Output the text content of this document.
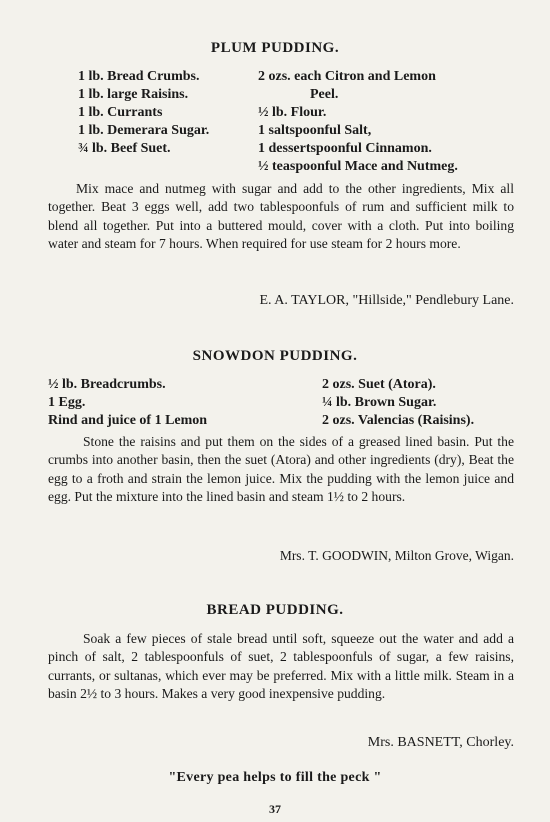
PLUM PUDDING.
1 lb. Bread Crumbs.
1 lb. large Raisins.
1 lb. Currants
1 lb. Demerara Sugar.
¾ lb. Beef Suet.
2 ozs. each Citron and Lemon
Peel.
½ lb. Flour.
1 saltspoonful Salt,
1 dessertspoonful Cinnamon.
½ teaspoonful Mace and Nutmeg.

Mix mace and nutmeg with sugar and add to the other ingredients, Mix all together. Beat 3 eggs well, add two tablespoonfuls of rum and sufficient milk to blend all together. Put into a buttered mould, cover with a cloth. Put into boiling water and steam for 7 hours. When required for use steam for 2 hours more.

E. A. TAYLOR, "Hillside," Pendlebury Lane.
SNOWDON PUDDING.
½ lb. Breadcrumbs.
1 Egg.
Rind and juice of 1 Lemon
2 ozs. Suet (Atora).
¼ lb. Brown Sugar.
2 ozs. Valencias (Raisins).

Stone the raisins and put them on the sides of a greased lined basin. Put the crumbs into another basin, then the suet (Atora) and other ingredients (dry), Beat the egg to a froth and strain the lemon juice. Mix the pudding with the lemon juice and egg. Put the mixture into the lined basin and steam 1½ to 2 hours.

Mrs. T. GOODWIN, Milton Grove, Wigan.
BREAD PUDDING.

Soak a few pieces of stale bread until soft, squeeze out the water and add a pinch of salt, 2 tablespoonfuls of suet, 2 tablespoonfuls of sugar, a few raisins, currants, or sultanas, which ever may be preferred. Mix with a little milk. Steam in a basin 2½ to 3 hours. Makes a very good inexpensive pudding.

Mrs. BASNETT, Chorley.
"Every pea helps to fill the peck "
37
